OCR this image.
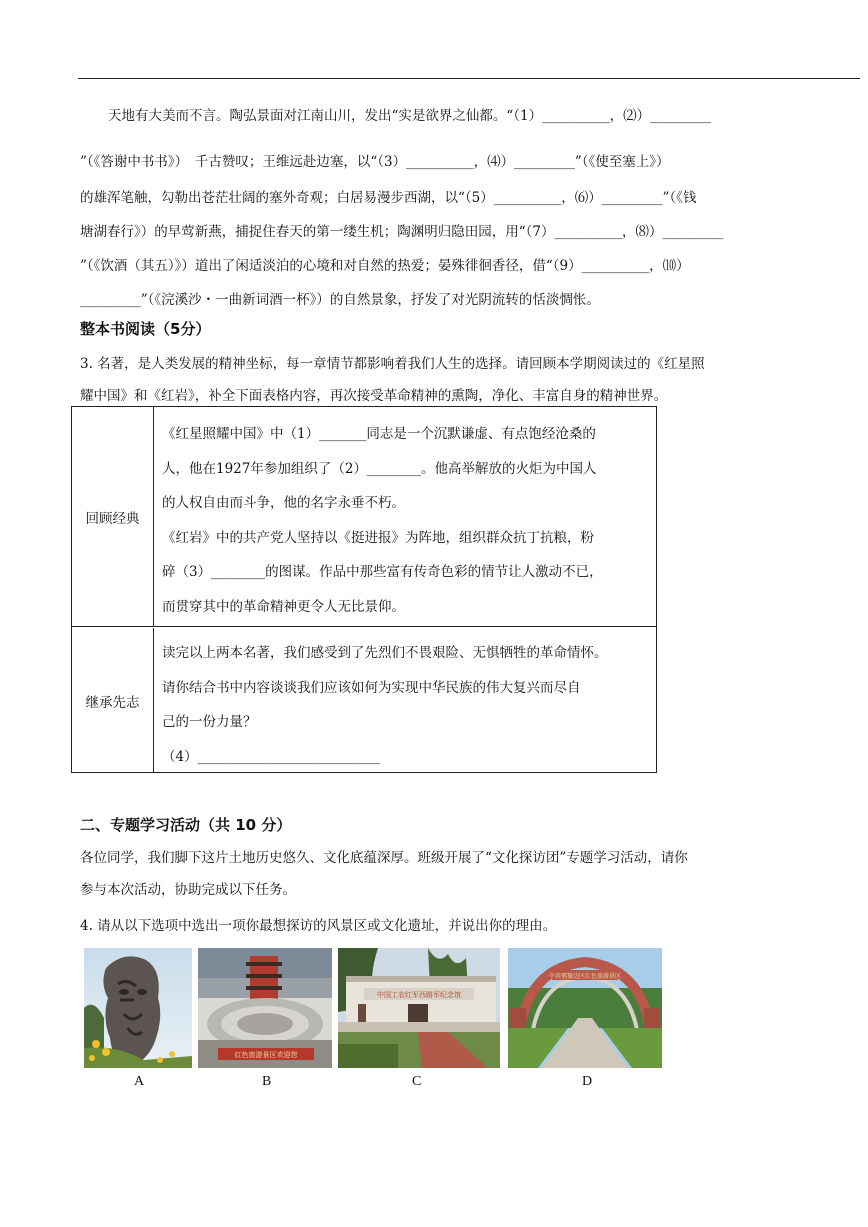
天地有大美而不言。陶弘景面对江南山川，发出“实是欲界之仙都。“（1）__________，⑵）_________
”（《答谢中书书》）　千古赞叹；王维远赴边塞，以“（3）__________，⑷）_________”（《使至塞上》）
的雄浑笔触，勾勒出苍茫壮阔的塞外奇观；白居易漫步西湖，以“（5）__________，⑹）_________”（《钱
塘湖春行》）的早莺新燕，捕捉住春天的第一缕生机；陶渊明归隐田园，用“（7）__________，⑻）_________
”（《饮酒（其五）》）道出了闲适淡泊的心境和对自然的热爱；晏殊徘徊香径，借“（9）__________，⑽）
_________”（《浣溪沙・一曲新词酒一杯》）的自然景象，抒发了对光阴流转的恬淡惆怅。
整本书阅读（5分）
3. 名著，是人类发展的精神坐标，每一章情节都影响着我们人生的选择。请回顾本学期阅读过的《红星照
耀中国》和《红岩》，补全下面表格内容，再次接受革命精神的熏陶，净化、丰富自身的精神世界。
回顾经典

《红星照耀中国》中（1）_______同志是一个沉默谦虚、有点饱经沧桑的

人，他在1927年参加组织了（2）________。他高举解放的火炬为中国人

的人权自由而斗争，他的名字永垂不朽。

《红岩》中的共产党人坚持以《挺进报》为阵地，组织群众抗丁抗粮，粉

碎（3）________的图谋。作品中那些富有传奇色彩的情节让人激动不已，

而贯穿其中的革命精神更令人无比景仰。

继承先志

读完以上两本名著，我们感受到了先烈们不畏艰险、无惧牺牲的革命情怀。

请你结合书中内容谈谈我们应该如何为实现中华民族的伟大复兴而尽自

己的一份力量？

（4）___________________________

二、专题学习活动（共 10 分）
各位同学，我们脚下这片土地历史悠久、文化底蕴深厚。班级开展了“文化探访团”专题学习活动，请你
参与本次活动，协助完成以下任务。
4. 请从以下选项中选出一项你最想探访的风景区或文化遗址，并说出你的理由。
红色旅游景区欢迎您
中国工农红军西路军纪念馆
中共鄂豫边区红色旅游景区
A	B	C	D
